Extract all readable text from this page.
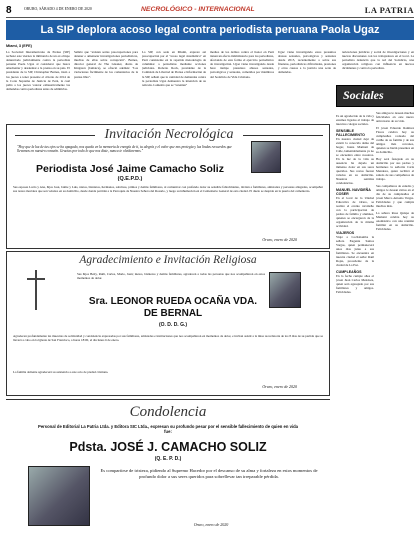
8	ORURO, SÁBADO 4 DE ENERO DE 2020	NECROLÓGICO - INTERNACIONAL	LA PATRIA
La SIP deplora acoso legal contra periodista peruana Paola Ugaz
Miami, 3 (EFE)
La Sociedad Interamericana de Prensa (SIP) rechazó este viernes la militancia de un ex obispo denunciado judicialmente contra la periodista peruana Paola Ugaz al considerar que busca amedrentar y desalentar a la prensa en su país. El presidente de la SIP, Christopher Barnes, instó a los jueces a tener presente el criterio de 2014 de la Corte Suprema de Justicia de Perú, la cual pidió a los jueces valorar exhaustivamente las demandas contra periodistas antes de admitirlas.
Señaló que "existen serias preocupaciones para detener o amenazar investigaciones periodísticas, muchas de ellas sobre corrupción". Barnes, director general de The Gleaner, diario de Kingston (Jamaica), se ofreció además: "Las violaciones fácilmente de los comentarios de la prensa libre".
La SIP, con sede en Miami, expresó así preocupación por el "acoso legal sistemático" en Perú consistente en la repetida metodología de calumniar a periodistas mediante acciones judiciales. Roberto Rock, presidente de la Comisión de Libertad de Prensa e Información de la SIP, señaló que la cantidad de demandas contra la periodista Ugaz demuestra la intención de su retirada. Lamentó que se "retenían"
medios de los delitos contra el honor en Perú tienen un efecto intimidatorio para los periodistas, afectando de esta forma el ejercicio periodístico de investigación. Ugaz viene investigando desde hace tiempo presuntos abusos sexuales, psicológicos y sexuales, cometidos por miembros del Sodalicio de Vida Cristiana.
Ugaz viene investigando estos presuntos abusos sexuales, psicológicos y sexuales desde 2015, recientemente a sobre sus finanzas, periodísticas dificultades, presiones y otras causas a la justicia una serie de demandas.
terizaciones jurídicas y social de investigaciones y en nuevas discusiones con los trabajadores en el local. La periodista denunció que la red del Sodalicio, una organización religiosa con influencia en nuevos dictámenes y contra la periodista.
Sociales
Es un agradecido de la vida y estamos ligados al trabajo de nuestros colegas sociales.
SENSIBLE FALLECIMIENTO
En nuestra ciudad dejó de existir la conocida dama del hogar, Juana Mamani de Calle, lamentablemente ya no se encuentra entre nosotros. En la luz de la vida su ausencia ha dejado un inmenso dolor en sus seres queridos. Sus restos fueron velados en su domicilio. Nuestras sentidas condolencias.
MANUEL NAVIDEÑA COSER
En el local de la Unidad Educativa de Oruro, se realizó el evento navideño con la participación de padres de familia y alumnos, quienes se encargaron de la organización de la misma actividad.
VIAJEROS
Viajó a Cochabamba la señora Eugenia Santos Vargas, quien permanecerá unos días junto a sus familiares. Se encuentra en nuestra ciudad el señor Raúl Rojas, procedente de la ciudad de La Paz.
CUMPLEAÑOS
En la fecha cumple años el joven Juan Carlos Mendoza, quien será agasajado por sus familiares y amigos. Felicidades.
Sus amigos le desean muchas felicidades en este nuevo aniversario de su vida.
El joven Eduardo Ramírez Flores celebra hoy su cumpleaños rodeado del cariño de su familia y de sus amigos más cercanos, quienes se harán presentes en su domicilio.
Hoy será festejado en su domicilio por sus padres y hermanos la señorita Carla Mendoza, quien recibirá el saludo de sus compañeros de trabajo.
Sus compañeros de estudio y amigos le desean éxitos en el día de su cumpleaños al joven Marco Antonio Vargas. Felicidades y que cumpla muchos más.
La señora Rosa Quispe de Mamani celebra hoy su onomástico con una reunión familiar en su domicilio. Felicidades.
Invitación Necrológica
"Hoy que la luz de tus ojos se ha apagado, nos queda en la memoria la energía de ti, tu alegría y el valor que nos protegía y las lindas recuerdos que llevamos en nuestro corazón. Gracias por todo lo que nos diste, nunca te olvidaremos."
Periodista José Jaime Camacho Soliz
(Q.E.P.D.)
Sus esposas Lucía y Ana, hijos José, Jaime y Luis, nietos, bisnietos, hermanos, sobrinos, primos y demás familiares, al comunicar con profundo dolor su sensible fallecimiento, invitan a familiares, amistades y personas allegadas, acompañar sus restos mortales que son velados en su domicilio, desde donde partirán a la Parroquia de Nuestra Señora del Rosario, y luego su inhumación en el Cementerio General de esta ciudad. El duelo se despide en la puerta del cementerio.
Oruro, enero de 2020
Agradecimiento e Invitación Religiosa
Sus hijos Betty, Ruth, Carlos, Mario, Juan; nietos, bisnietos y demás familiares, agradecen a todas las personas que nos acompañaron en estos momentos de dolor.
Sra. LEONOR RUEDA OCAÑA VDA.
DE BERNAL
(O. D. D. G.)
Agradecen profundamente las muestras de solidaridad y condolencia expresadas por sus familiares, amistades e instituciones que nos acompañaron en momentos de dolor, e invitan asistir a la misa recordatoria de los 8 días de su partida que se llevará a cabo en la Iglesia de San Francisco, a horas 18:00, el día lunes 6 de enero.
La familia doliente agradecerá su asistencia a este acto de piedad cristiana.
Oruro, enero de 2020
Condolencia
Personal de Editorial La Patria Ltda. y Editora SIC Ltda., expresan su profundo pesar por el sensible fallecimiento de quien en vida fue:
Pdsta. JOSÉ J. CAMACHO SOLIZ
(Q. E. P. D.)
Es compartirse de tristeza, pidiendo al Supremo Hacedor por el descanso de su alma y fortaleza en estos momentos de profundo dolor a sus seres queridos para sobrellevar tan irreparable pérdida.
Oruro, enero de 2020
